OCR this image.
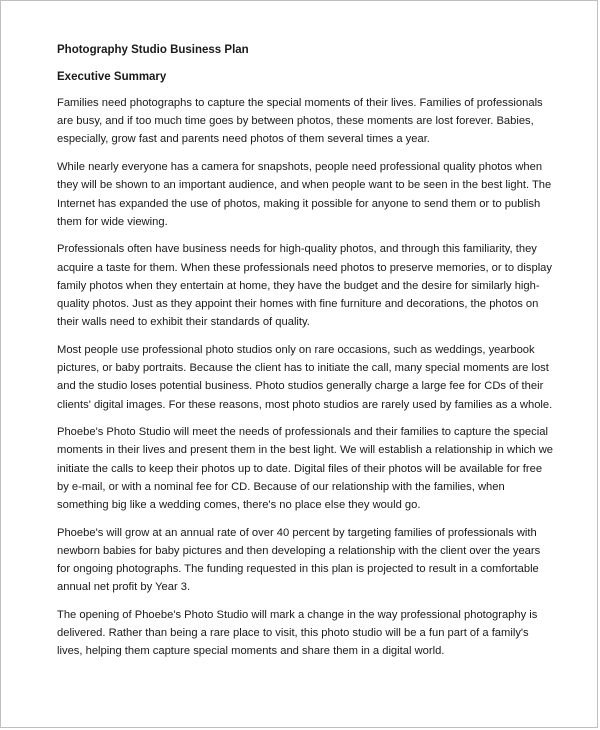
Photography Studio Business Plan
Executive Summary

Families need photographs to capture the special moments of their lives. Families of professionals are busy, and if too much time goes by between photos, these moments are lost forever. Babies, especially, grow fast and parents need photos of them several times a year.

While nearly everyone has a camera for snapshots, people need professional quality photos when they will be shown to an important audience, and when people want to be seen in the best light. The Internet has expanded the use of photos, making it possible for anyone to send them or to publish them for wide viewing.

Professionals often have business needs for high-quality photos, and through this familiarity, they acquire a taste for them. When these professionals need photos to preserve memories, or to display family photos when they entertain at home, they have the budget and the desire for similarly high-quality photos. Just as they appoint their homes with fine furniture and decorations, the photos on their walls need to exhibit their standards of quality.

Most people use professional photo studios only on rare occasions, such as weddings, yearbook pictures, or baby portraits. Because the client has to initiate the call, many special moments are lost and the studio loses potential business. Photo studios generally charge a large fee for CDs of their clients' digital images. For these reasons, most photo studios are rarely used by families as a whole.

Phoebe's Photo Studio will meet the needs of professionals and their families to capture the special moments in their lives and present them in the best light. We will establish a relationship in which we initiate the calls to keep their photos up to date. Digital files of their photos will be available for free by e-mail, or with a nominal fee for CD. Because of our relationship with the families, when something big like a wedding comes, there's no place else they would go.

Phoebe's will grow at an annual rate of over 40 percent by targeting families of professionals with newborn babies for baby pictures and then developing a relationship with the client over the years for ongoing photographs. The funding requested in this plan is projected to result in a comfortable annual net profit by Year 3.

The opening of Phoebe's Photo Studio will mark a change in the way professional photography is delivered. Rather than being a rare place to visit, this photo studio will be a fun part of a family's lives, helping them capture special moments and share them in a digital world.
